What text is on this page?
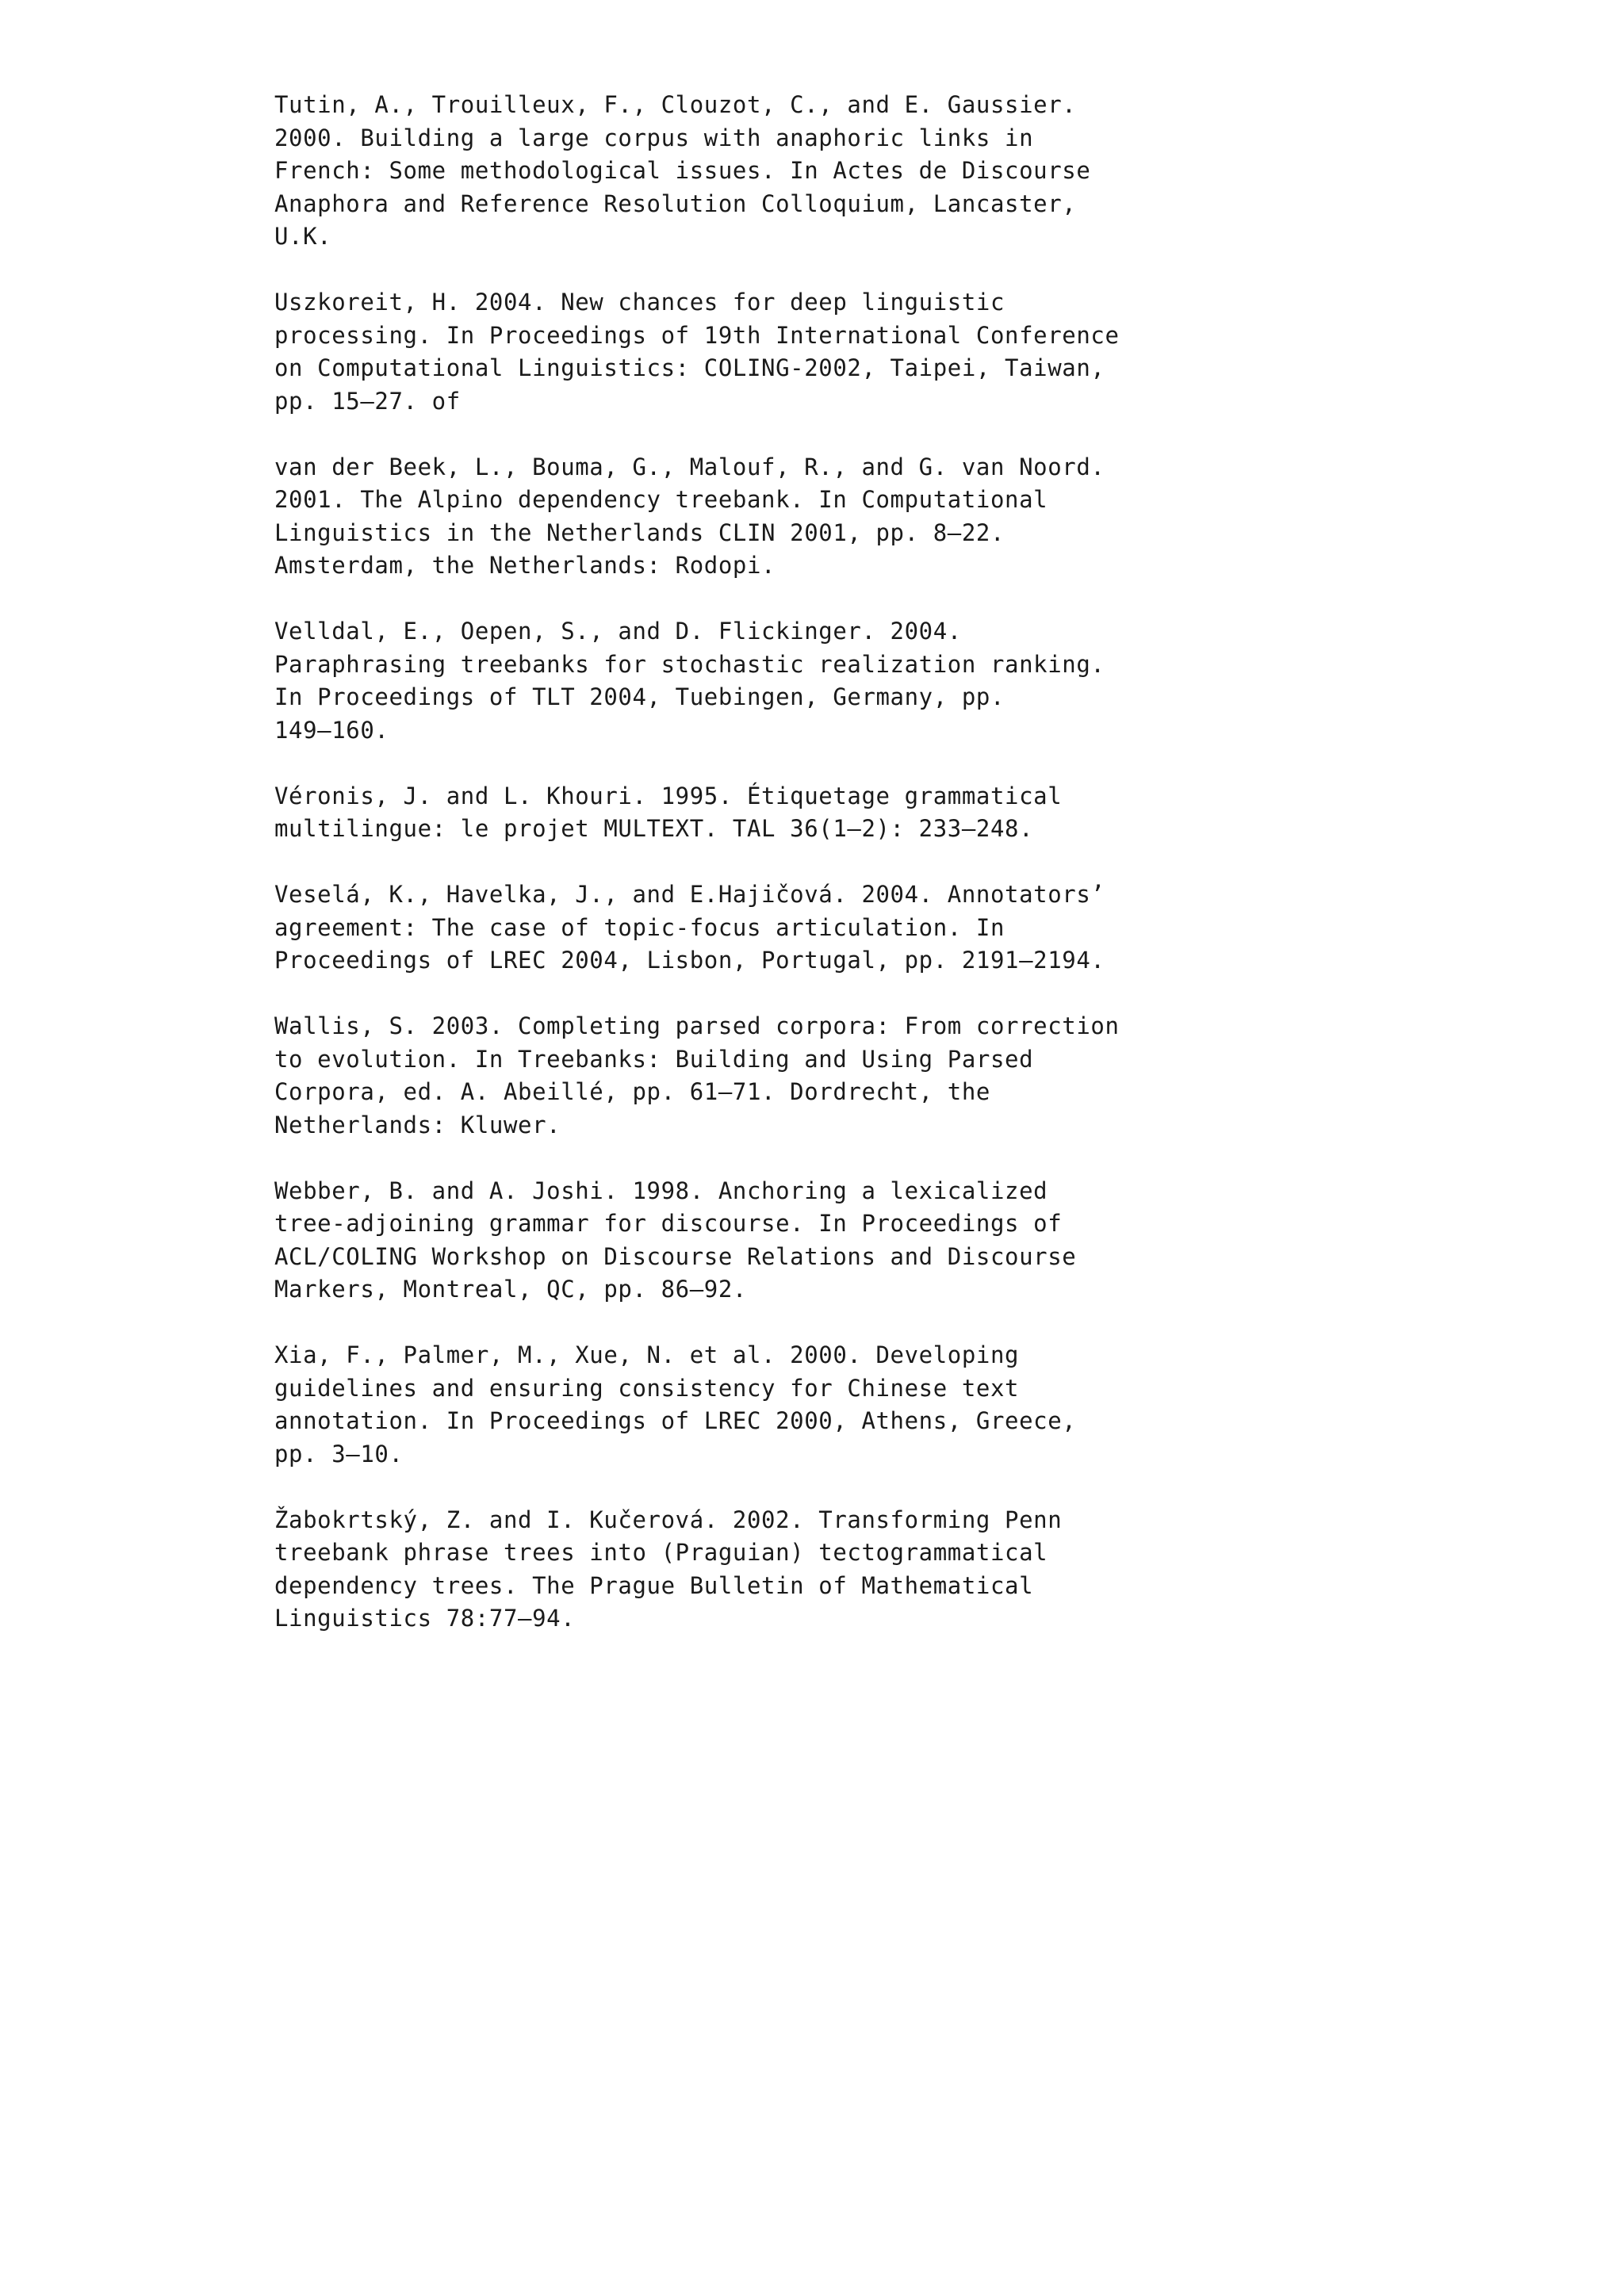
Tutin, A., Trouilleux, F., Clouzot, C., and E. Gaussier.
2000. Building a large corpus with anaphoric links in
French: Some methodological issues. In Actes de Discourse
Anaphora and Reference Resolution Colloquium, Lancaster,
U.K.
Uszkoreit, H. 2004. New chances for deep linguistic
processing. In Proceedings of 19th International Conference
on Computational Linguistics: COLING-2002, Taipei, Taiwan,
pp. 15–27. of
van der Beek, L., Bouma, G., Malouf, R., and G. van Noord.
2001. The Alpino dependency treebank. In Computational
Linguistics in the Netherlands CLIN 2001, pp. 8–22.
Amsterdam, the Netherlands: Rodopi.
Velldal, E., Oepen, S., and D. Flickinger. 2004.
Paraphrasing treebanks for stochastic realization ranking.
In Proceedings of TLT 2004, Tuebingen, Germany, pp.
149–160.
Véronis, J. and L. Khouri. 1995. Étiquetage grammatical
multilingue: le projet MULTEXT. TAL 36(1–2): 233–248.
Veselá, K., Havelka, J., and E.Hajičová. 2004. Annotators’
agreement: The case of topic-focus articulation. In
Proceedings of LREC 2004, Lisbon, Portugal, pp. 2191–2194.
Wallis, S. 2003. Completing parsed corpora: From correction
to evolution. In Treebanks: Building and Using Parsed
Corpora, ed. A. Abeillé, pp. 61–71. Dordrecht, the
Netherlands: Kluwer.
Webber, B. and A. Joshi. 1998. Anchoring a lexicalized
tree-adjoining grammar for discourse. In Proceedings of
ACL/COLING Workshop on Discourse Relations and Discourse
Markers, Montreal, QC, pp. 86–92.
Xia, F., Palmer, M., Xue, N. et al. 2000. Developing
guidelines and ensuring consistency for Chinese text
annotation. In Proceedings of LREC 2000, Athens, Greece,
pp. 3–10.
Žabokrtský, Z. and I. Kučerová. 2002. Transforming Penn
treebank phrase trees into (Praguian) tectogrammatical
dependency trees. The Prague Bulletin of Mathematical
Linguistics 78:77–94.
